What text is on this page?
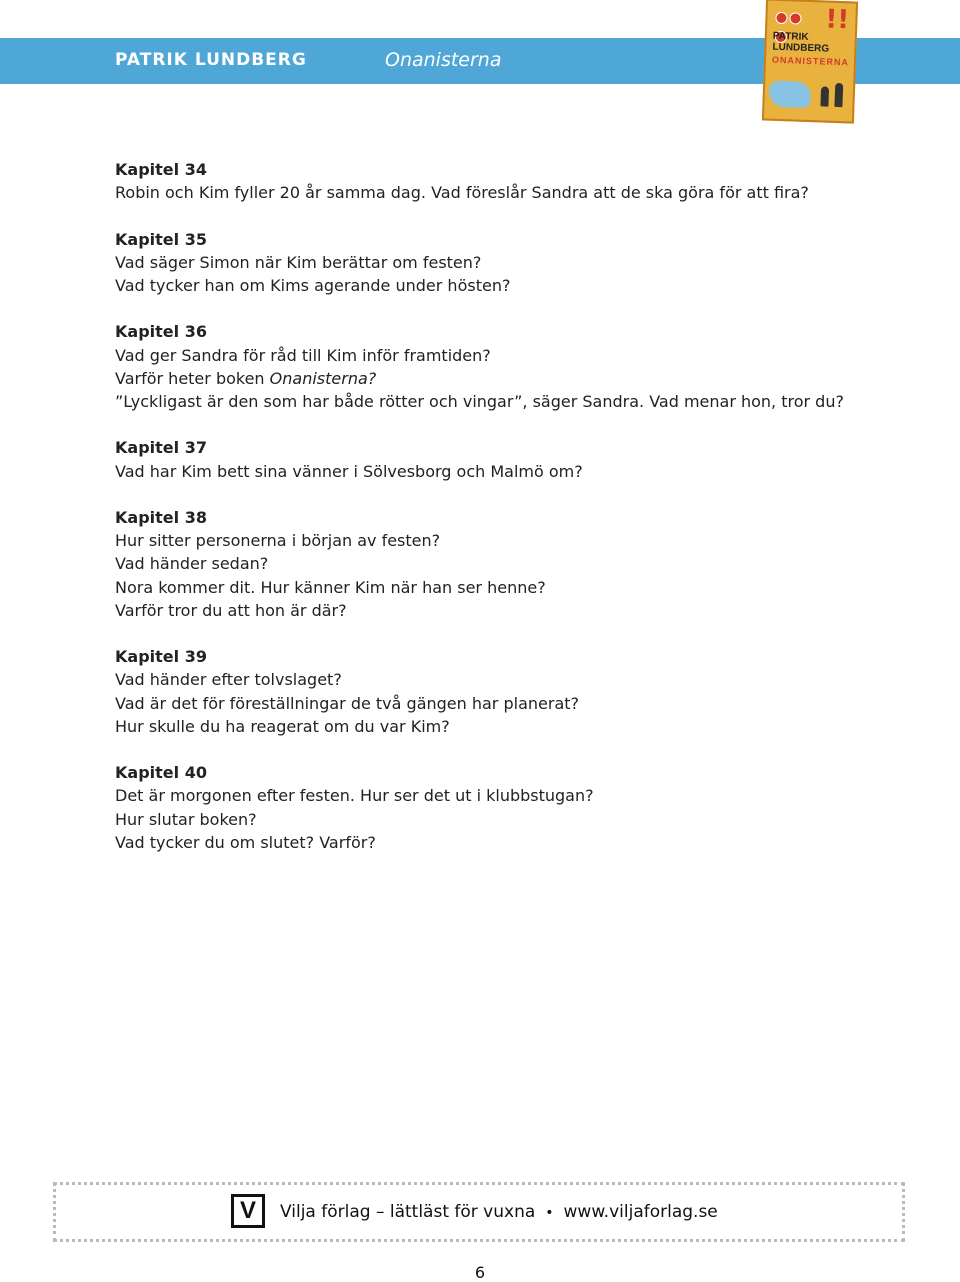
PATRIK LUNDBERG	Onanisterna
!!
PATRIK LUNDBERG
ONANISTERNA
Kapitel 34
Robin och Kim fyller 20 år samma dag. Vad föreslår Sandra att de ska göra för att fira?
Kapitel 35
Vad säger Simon när Kim berättar om festen?
Vad tycker han om Kims agerande under hösten?
Kapitel 36
Vad ger Sandra för råd till Kim inför framtiden?
Varför heter boken Onanisterna?
”Lyckligast är den som har både rötter och vingar”, säger Sandra. Vad menar hon, tror du?
Kapitel 37
Vad har Kim bett sina vänner i Sölvesborg och Malmö om?
Kapitel 38
Hur sitter personerna i början av festen?
Vad händer sedan?
Nora kommer dit. Hur känner Kim när han ser henne?
Varför tror du att hon är där?
Kapitel 39
Vad händer efter tolvslaget?
Vad är det för föreställningar de två gängen har planerat?
Hur skulle du ha reagerat om du var Kim?
Kapitel 40
Det är morgonen efter festen. Hur ser det ut i klubbstugan?
Hur slutar boken?
Vad tycker du om slutet? Varför?
V	Vilja förlag – lättläst för vuxna • www.viljaforlag.se
6
